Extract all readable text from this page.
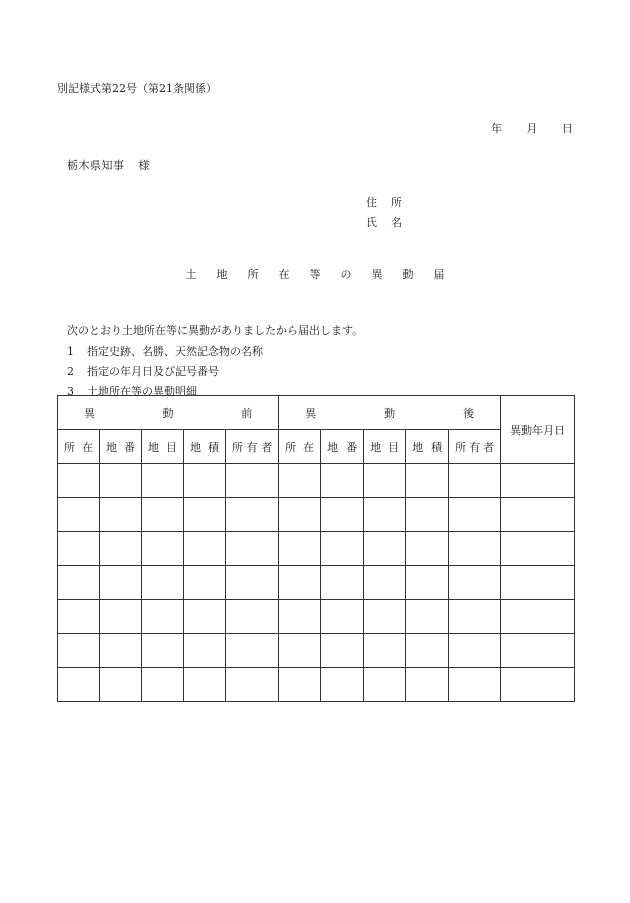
別記様式第22号（第21条関係）
年 月 日
栃木県知事 様
住 所
氏 名
土地所在等の異動届
次のとおり土地所在等に異動がありましたから届出します。
1 指定史跡、名勝、天然記念物の名称
2 指定の年月日及び記号番号
3 土地所在等の異動明細
異 動 前					異 動 後					異動年月日

所 在	地 番	地 目	地 積	所 有 者	所 在	地 番	地 目	地 積	所 有 者	
